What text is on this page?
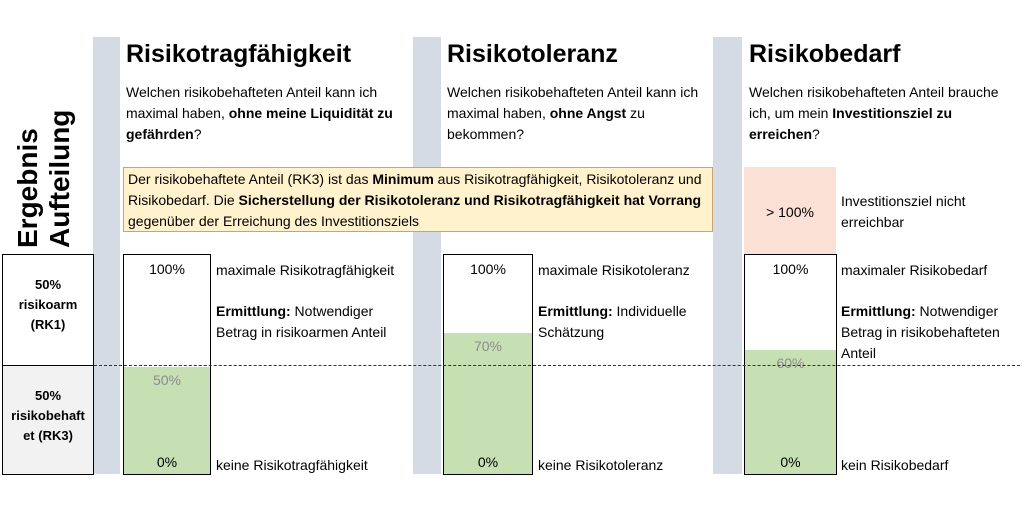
Ergebnis Aufteilung
50%
risikoarm
(RK1)
50%
risikobehaft
et (RK3)
Risikotragfähigkeit
Welchen risikobehafteten Anteil kann ich maximal haben, ohne meine Liquidität zu gefährden?
100%
50%
0%
maximale Risikotragfähigkeit
Ermittlung: Notwendiger Betrag in risikoarmen Anteil
keine Risikotragfähigkeit
Risikotoleranz
Welchen risikobehafteten Anteil kann ich maximal haben, ohne Angst zu bekommen?
100%
70%
0%
maximale Risikotoleranz
Ermittlung: Individuelle Schätzung
keine Risikotoleranz
Risikobedarf
Welchen risikobehafteten Anteil brauche ich, um mein Investitionsziel zu erreichen?
> 100%
Investitionsziel nicht erreichbar
100%
60%
0%
maximaler Risikobedarf
Ermittlung: Notwendiger Betrag in risikobehafteten Anteil
kein Risikobedarf
Der risikobehaftete Anteil (RK3) ist das Minimum aus Risikotragfähigkeit, Risikotoleranz und Risikobedarf. Die Sicherstellung der Risikotoleranz und Risikotragfähigkeit hat Vorrang gegenüber der Erreichung des Investitionsziels
